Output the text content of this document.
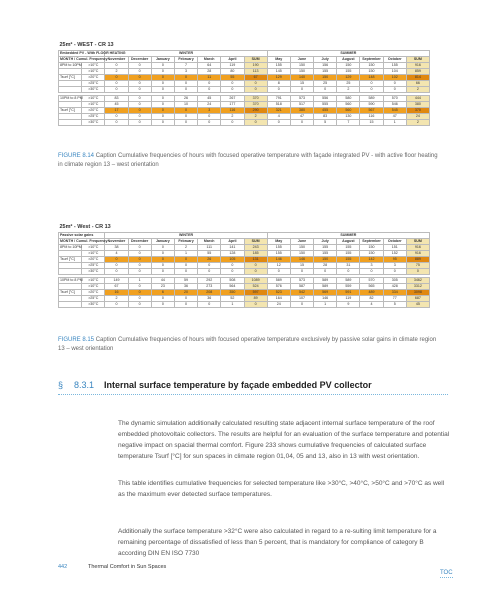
25m² - WEST - CR 13															
Embedded PV - With FLOOR HEATING		WINTER							SUMMER						
MONTH / Cumul. Frequency		November	December	January	February	March	April	SUM	May	June	July	August	September	October	SUM
8PM to 10PM	>10°C	0	0	0	7	64	119	190	155	150	156	150	150	155	916
	>10°C	2	0	0	3	28	80	113	145	150	155	155	150	104	859
Tsurf [°C]	>20°C	0	0	0	0	11	55	67	129	140	150	129	148	102	814
	>25°C	0	0	0	0	0	0	0	8	15	25	25	0	0	66
	>30°C	0	0	0	0	0	0	0	0	0	0	2	0	0	2

10PM to 8 PM	>10°C	83	0	0	26	45	267	370	791	573	556	580	589	570	444
	>10°C	45	0	0	10	24	177	370	518	517	555	560	590	546	380
Tsurf [°C]	>20°C	17	0	0	0	3	116	290	321	380	455	560	567	545	370
	>25°C	0	0	0	0	0	2	2	4	47	83	130	116	47	24
	>30°C	0	0	0	0	0	0	0	0	0	5	7	15	1	2
FIGURE 8.14 Caption Cumulative frequencies of hours with focused operative temperature with façade integrated PV - with active floor heating in climate region 13 – west orientation
25m² - West - CR 13															
Passive solar gains		WINTER							SUMMER						
MONTH / Cumul. Frequency		November	December	January	February	March	April	SUM	May	June	July	August	September	October	SUM
8PM to 10PM	>10°C	38	0	0	2	111	141	243	155	150	155	155	150	151	916
	>10°C	4	0	0	1	55	128	185	155	150	155	155	150	152	916
Tsurf [°C]	>20°C	0	0	0	0	26	105	131	146	146	150	155	142	95	889
	>25°C	0	0	0	0	0	0	0	12	15	28	31	3	3	75
	>30°C	0	0	0	0	0	0	0	0	0	0	0	0	0	0

10PM to 8 PM	>10°C	149	1	44	59	292	508	1089	589	573	589	589	570	305	3462
	>10°C	67	0	23	36	273	564	524	576	587	589	559	565	428	3312
Tsurf [°C]	>20°C	16	0	6	20	208	350	597	523	542	569	591	489	334	3098
	>25°C	2	0	0	0	36	52	89	164	107	146	119	82	77	687
	>30°C	0	0	0	0	0	1	0	24	0	1	9	4	5	45
FIGURE 8.15 Caption Cumulative frequencies of hours with focused operative temperature exclusively by passive solar gains in climate region 13 – west orientation
§	8.3.1	Internal surface temperature by façade embedded PV collector

The dynamic simulation additionally calculated resulting state adjacent internal surface temperature of the roof embedded photovoltaic collectors. The results are helpful for an evaluation of the surface temperature and potential negative impact on spacial thermal comfort. Figure 233 shows cumulative frequencies of calculated surface temperature Tsurf [°C] for sun spaces in climate region 01,04, 05 and 13, also in 13 with west orientation.

This table identifies cumulative frequencies for selected temperature like >30°C, >40°C, >50°C and >70°C as well as the maximum ever detected surface temperatures.

Additionally the surface temperature >32°C were also calculated in regard to a re-sulting limit temperature for a remaining percentage of dissatisfied of less than 5 percent, that is mandatory for compliance of category B according DIN EN ISO 7730

442	Thermal Comfort in Sun Spaces
TOC
